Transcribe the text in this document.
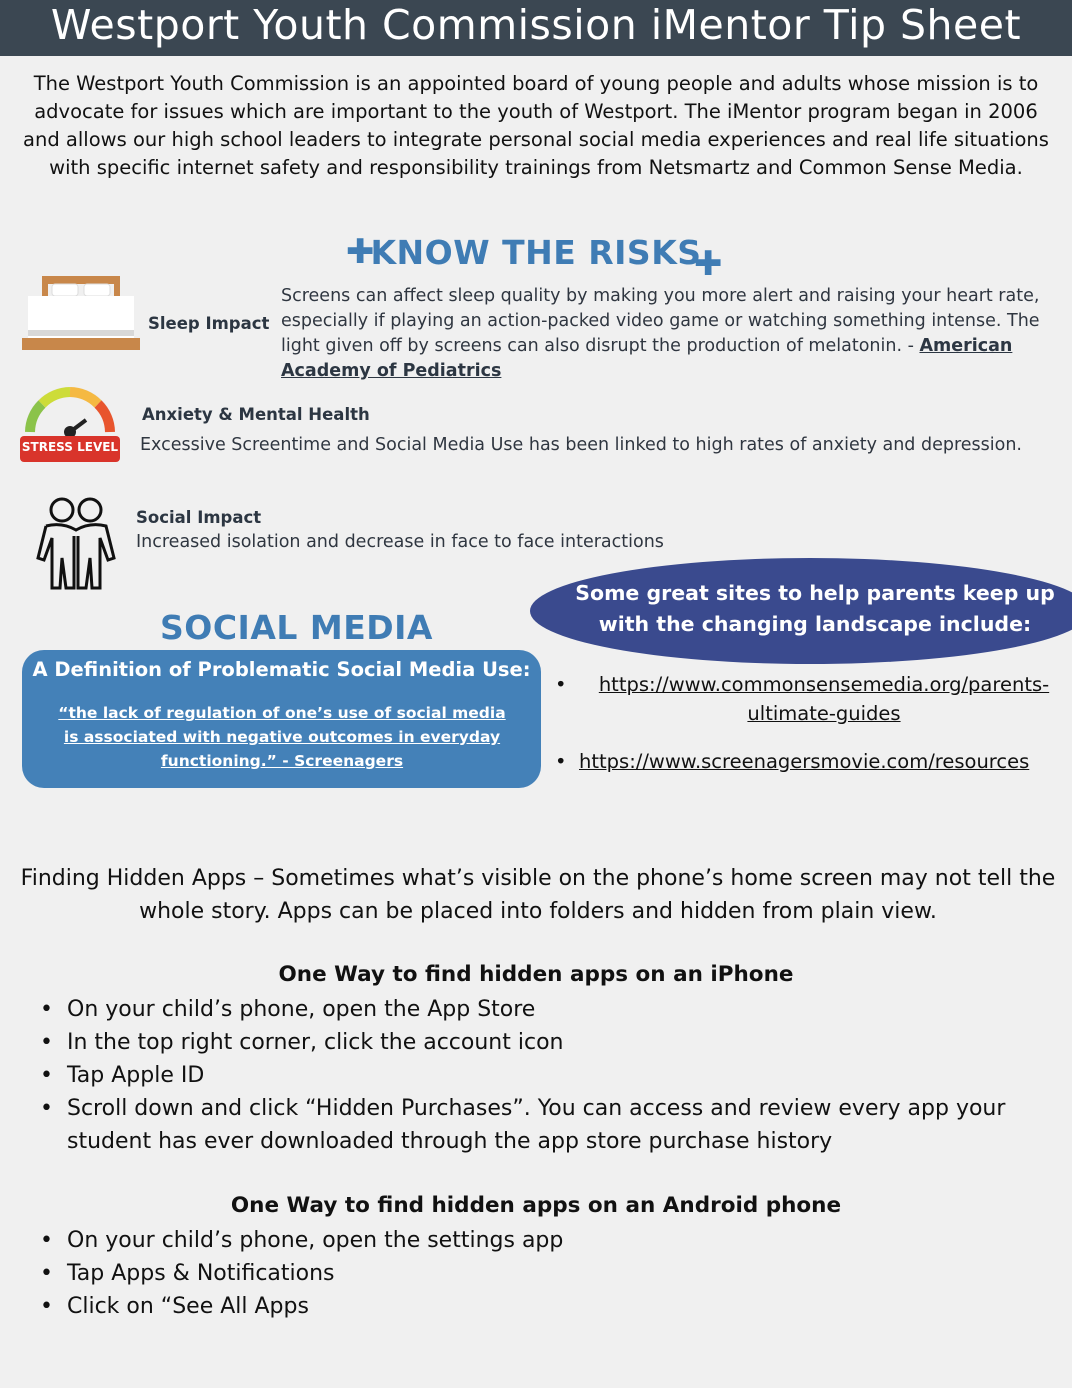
Westport Youth Commission iMentor Tip Sheet
The Westport Youth Commission is an appointed board of young people and adults whose mission is to advocate for issues which are important to the youth of Westport. The iMentor program began in 2006 and allows our high school leaders to integrate personal social media experiences and real life situations with specific internet safety and responsibility trainings from Netsmartz and Common Sense Media.
✚
KNOW THE RISKS
✚
Sleep Impact
Screens can affect sleep quality by making you more alert and raising your heart rate, especially if playing an action-packed video game or watching something intense. The light given off by screens can also disrupt the production of melatonin. - American Academy of Pediatrics
STRESS LEVEL
Anxiety & Mental Health
Excessive Screentime and Social Media Use has been linked to high rates of anxiety and depression.
Social Impact
Increased isolation and decrease in face to face interactions
SOCIAL MEDIA
A Definition of Problematic Social Media Use:
“the lack of regulation of one’s use of social media is associated with negative outcomes in everyday functioning.” - Screenagers
Some great sites to help parents keep up with the changing landscape include:
•	https://www.commonsensemedia.org/parents-ultimate-guides
• https://www.screenagersmovie.com/resources
Finding Hidden Apps – Sometimes what’s visible on the phone’s home screen may not tell the whole story. Apps can be placed into folders and hidden from plain view.
One Way to find hidden apps on an iPhone
• On your child’s phone, open the App Store
• In the top right corner, click the account icon
• Tap Apple ID
• Scroll down and click “Hidden Purchases”. You can access and review every app your student has ever downloaded through the app store purchase history
One Way to find hidden apps on an Android phone
• On your child’s phone, open the settings app
• Tap Apps & Notifications
• Click on “See All Apps
